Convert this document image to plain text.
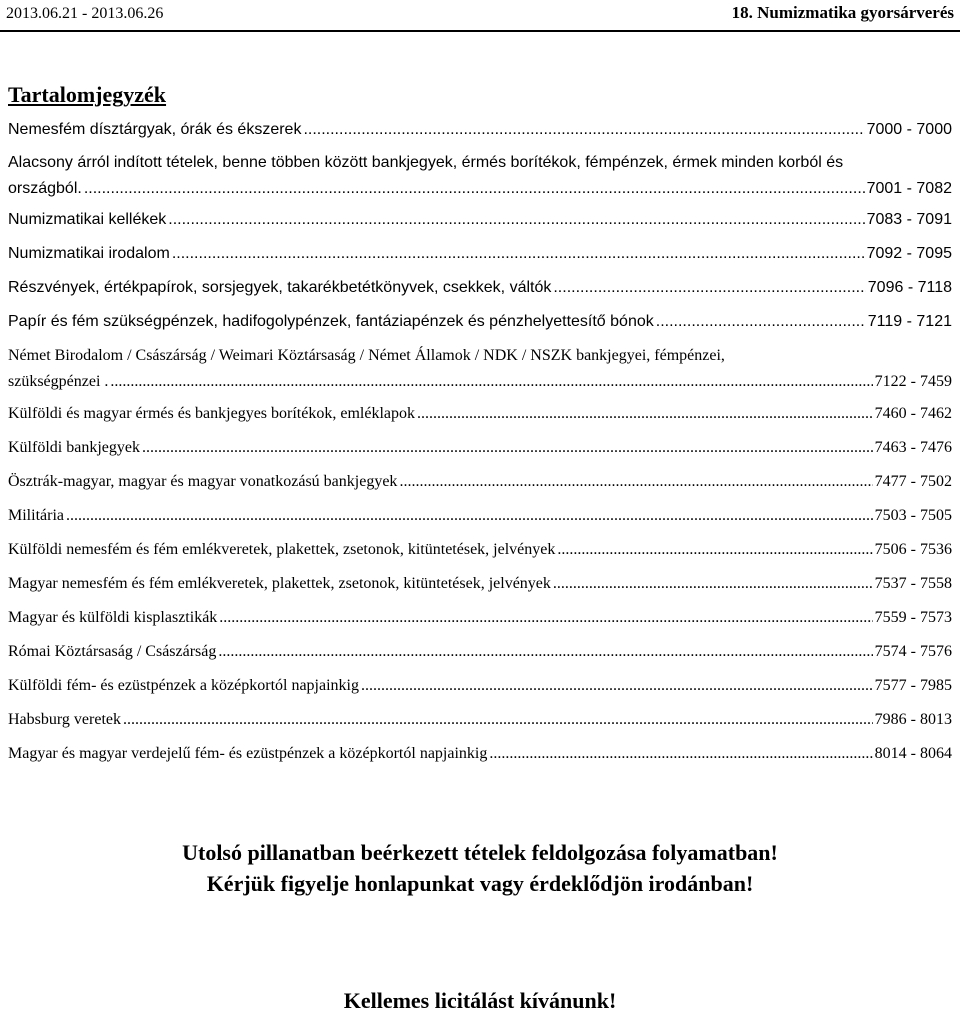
2013.06.21 - 2013.06.26	18. Numizmatika gyorsárverés
Tartalomjegyzék
Nemesfém dísztárgyak, órák és ékszerek .....	7000 - 7000
Alacsony árról indított tételek, benne többen között bankjegyek, érmés borítékok, fémpénzek, érmek minden korból és
országból. .....	7001 - 7082
Numizmatikai kellékek .....	7083 - 7091
Numizmatikai irodalom .....	7092 - 7095
Részvények, értékpapírok, sorsjegyek, takarékbetétkönyvek, csekkek, váltók .....	7096 - 7118
Papír és fém szükségpénzek, hadifogolypénzek, fantáziapénzek és pénzhelyettesítő bónok .....	7119 - 7121
Német Birodalom / Császárság / Weimari Köztársaság / Német Államok / NDK / NSZK bankjegyei, fémpénzei,
szükségpénzei . .....	7122 - 7459
Külföldi és magyar érmés és bankjegyes borítékok, emléklapok .....	7460 - 7462
Külföldi bankjegyek .....	7463 - 7476
Ösztrák-magyar, magyar és magyar vonatkozású bankjegyek .....	7477 - 7502
Militária .....	7503 - 7505
Külföldi nemesfém és fém emlékveretek, plakettek, zsetonok, kitüntetések, jelvények .....	7506 - 7536
Magyar nemesfém és fém emlékveretek, plakettek, zsetonok, kitüntetések, jelvények .....	7537 - 7558
Magyar és külföldi kisplasztikák .....	7559 - 7573
Római Köztársaság / Császárság .....	7574 - 7576
Külföldi fém- és ezüstpénzek a középkortól napjainkig .....	7577 - 7985
Habsburg veretek .....	7986 - 8013
Magyar és magyar verdejelű fém- és ezüstpénzek a középkortól napjainkig .....	8014 - 8064
Utolsó pillanatban beérkezett tételek feldolgozása folyamatban!
Kérjük figyelje honlapunkat vagy érdeklődjön irodánban!
Kellemes licitálást kívánunk!
